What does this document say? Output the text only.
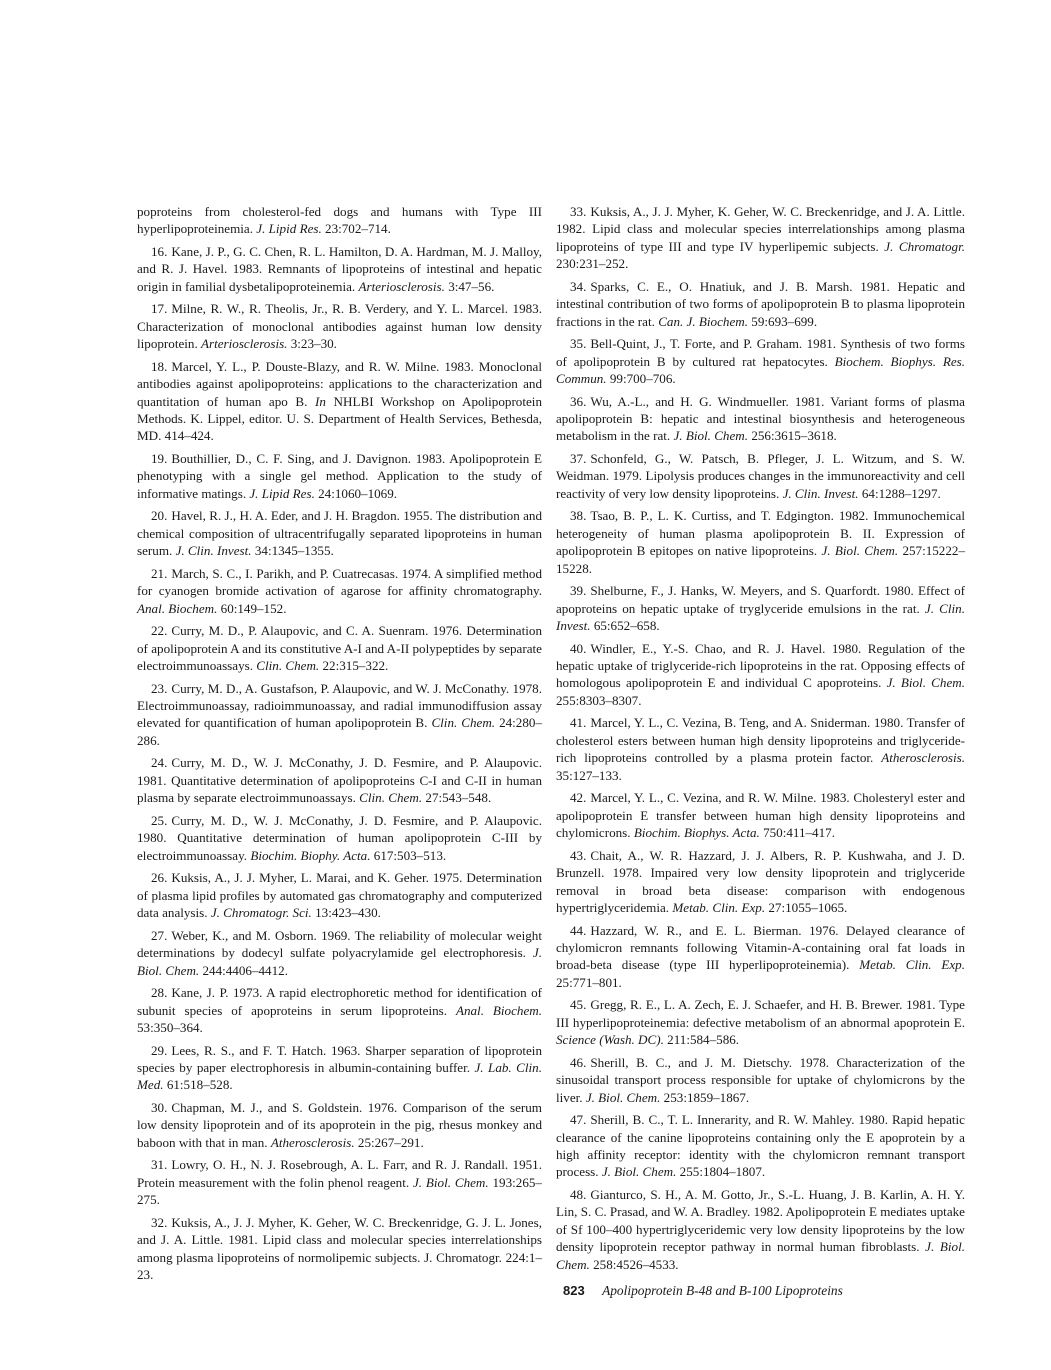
poproteins from cholesterol-fed dogs and humans with Type III hyperlipoproteinemia. J. Lipid Res. 23:702–714.

16. Kane, J. P., G. C. Chen, R. L. Hamilton, D. A. Hardman, M. J. Malloy, and R. J. Havel. 1983. Remnants of lipoproteins of intestinal and hepatic origin in familial dysbetalipoproteinemia. Arteriosclerosis. 3:47–56.

17. Milne, R. W., R. Theolis, Jr., R. B. Verdery, and Y. L. Marcel. 1983. Characterization of monoclonal antibodies against human low density lipoprotein. Arteriosclerosis. 3:23–30.

18. Marcel, Y. L., P. Douste-Blazy, and R. W. Milne. 1983. Monoclonal antibodies against apolipoproteins: applications to the characterization and quantitation of human apo B. In NHLBI Workshop on Apolipoprotein Methods. K. Lippel, editor. U. S. Department of Health Services, Bethesda, MD. 414–424.

19. Bouthillier, D., C. F. Sing, and J. Davignon. 1983. Apolipoprotein E phenotyping with a single gel method. Application to the study of informative matings. J. Lipid Res. 24:1060–1069.

20. Havel, R. J., H. A. Eder, and J. H. Bragdon. 1955. The distribution and chemical composition of ultracentrifugally separated lipoproteins in human serum. J. Clin. Invest. 34:1345–1355.

21. March, S. C., I. Parikh, and P. Cuatrecasas. 1974. A simplified method for cyanogen bromide activation of agarose for affinity chromatography. Anal. Biochem. 60:149–152.

22. Curry, M. D., P. Alaupovic, and C. A. Suenram. 1976. Determination of apolipoprotein A and its constitutive A-I and A-II polypeptides by separate electroimmunoassays. Clin. Chem. 22:315–322.

23. Curry, M. D., A. Gustafson, P. Alaupovic, and W. J. McConathy. 1978. Electroimmunoassay, radioimmunoassay, and radial immunodiffusion assay elevated for quantification of human apolipoprotein B. Clin. Chem. 24:280–286.

24. Curry, M. D., W. J. McConathy, J. D. Fesmire, and P. Alaupovic. 1981. Quantitative determination of apolipoproteins C-I and C-II in human plasma by separate electroimmunoassays. Clin. Chem. 27:543–548.

25. Curry, M. D., W. J. McConathy, J. D. Fesmire, and P. Alaupovic. 1980. Quantitative determination of human apolipoprotein C-III by electroimmunoassay. Biochim. Biophy. Acta. 617:503–513.

26. Kuksis, A., J. J. Myher, L. Marai, and K. Geher. 1975. Determination of plasma lipid profiles by automated gas chromatography and computerized data analysis. J. Chromatogr. Sci. 13:423–430.

27. Weber, K., and M. Osborn. 1969. The reliability of molecular weight determinations by dodecyl sulfate polyacrylamide gel electrophoresis. J. Biol. Chem. 244:4406–4412.

28. Kane, J. P. 1973. A rapid electrophoretic method for identification of subunit species of apoproteins in serum lipoproteins. Anal. Biochem. 53:350–364.

29. Lees, R. S., and F. T. Hatch. 1963. Sharper separation of lipoprotein species by paper electrophoresis in albumin-containing buffer. J. Lab. Clin. Med. 61:518–528.

30. Chapman, M. J., and S. Goldstein. 1976. Comparison of the serum low density lipoprotein and of its apoprotein in the pig, rhesus monkey and baboon with that in man. Atherosclerosis. 25:267–291.

31. Lowry, O. H., N. J. Rosebrough, A. L. Farr, and R. J. Randall. 1951. Protein measurement with the folin phenol reagent. J. Biol. Chem. 193:265–275.

32. Kuksis, A., J. J. Myher, K. Geher, W. C. Breckenridge, G. J. L. Jones, and J. A. Little. 1981. Lipid class and molecular species interrelationships among plasma lipoproteins of normolipemic subjects. J. Chromatogr. 224:1–23.

33. Kuksis, A., J. J. Myher, K. Geher, W. C. Breckenridge, and J. A. Little. 1982. Lipid class and molecular species interrelationships among plasma lipoproteins of type III and type IV hyperlipemic subjects. J. Chromatogr. 230:231–252.

34. Sparks, C. E., O. Hnatiuk, and J. B. Marsh. 1981. Hepatic and intestinal contribution of two forms of apolipoprotein B to plasma lipoprotein fractions in the rat. Can. J. Biochem. 59:693–699.

35. Bell-Quint, J., T. Forte, and P. Graham. 1981. Synthesis of two forms of apolipoprotein B by cultured rat hepatocytes. Biochem. Biophys. Res. Commun. 99:700–706.

36. Wu, A.-L., and H. G. Windmueller. 1981. Variant forms of plasma apolipoprotein B: hepatic and intestinal biosynthesis and heterogeneous metabolism in the rat. J. Biol. Chem. 256:3615–3618.

37. Schonfeld, G., W. Patsch, B. Pfleger, J. L. Witzum, and S. W. Weidman. 1979. Lipolysis produces changes in the immunoreactivity and cell reactivity of very low density lipoproteins. J. Clin. Invest. 64:1288–1297.

38. Tsao, B. P., L. K. Curtiss, and T. Edgington. 1982. Immunochemical heterogeneity of human plasma apolipoprotein B. II. Expression of apolipoprotein B epitopes on native lipoproteins. J. Biol. Chem. 257:15222–15228.

39. Shelburne, F., J. Hanks, W. Meyers, and S. Quarfordt. 1980. Effect of apoproteins on hepatic uptake of tryglyceride emulsions in the rat. J. Clin. Invest. 65:652–658.

40. Windler, E., Y.-S. Chao, and R. J. Havel. 1980. Regulation of the hepatic uptake of triglyceride-rich lipoproteins in the rat. Opposing effects of homologous apolipoprotein E and individual C apoproteins. J. Biol. Chem. 255:8303–8307.

41. Marcel, Y. L., C. Vezina, B. Teng, and A. Sniderman. 1980. Transfer of cholesterol esters between human high density lipoproteins and triglyceride-rich lipoproteins controlled by a plasma protein factor. Atherosclerosis. 35:127–133.

42. Marcel, Y. L., C. Vezina, and R. W. Milne. 1983. Cholesteryl ester and apolipoprotein E transfer between human high density lipoproteins and chylomicrons. Biochim. Biophys. Acta. 750:411–417.

43. Chait, A., W. R. Hazzard, J. J. Albers, R. P. Kushwaha, and J. D. Brunzell. 1978. Impaired very low density lipoprotein and triglyceride removal in broad beta disease: comparison with endogenous hypertriglyceridemia. Metab. Clin. Exp. 27:1055–1065.

44. Hazzard, W. R., and E. L. Bierman. 1976. Delayed clearance of chylomicron remnants following Vitamin-A-containing oral fat loads in broad-beta disease (type III hyperlipoproteinemia). Metab. Clin. Exp. 25:771–801.

45. Gregg, R. E., L. A. Zech, E. J. Schaefer, and H. B. Brewer. 1981. Type III hyperlipoproteinemia: defective metabolism of an abnormal apoprotein E. Science (Wash. DC). 211:584–586.

46. Sherill, B. C., and J. M. Dietschy. 1978. Characterization of the sinusoidal transport process responsible for uptake of chylomicrons by the liver. J. Biol. Chem. 253:1859–1867.

47. Sherill, B. C., T. L. Innerarity, and R. W. Mahley. 1980. Rapid hepatic clearance of the canine lipoproteins containing only the E apoprotein by a high affinity receptor: identity with the chylomicron remnant transport process. J. Biol. Chem. 255:1804–1807.

48. Gianturco, S. H., A. M. Gotto, Jr., S.-L. Huang, J. B. Karlin, A. H. Y. Lin, S. C. Prasad, and W. A. Bradley. 1982. Apolipoprotein E mediates uptake of Sf 100–400 hypertriglyceridemic very low density lipoproteins by the low density lipoprotein receptor pathway in normal human fibroblasts. J. Biol. Chem. 258:4526–4533.

823 Apolipoprotein B-48 and B-100 Lipoproteins
